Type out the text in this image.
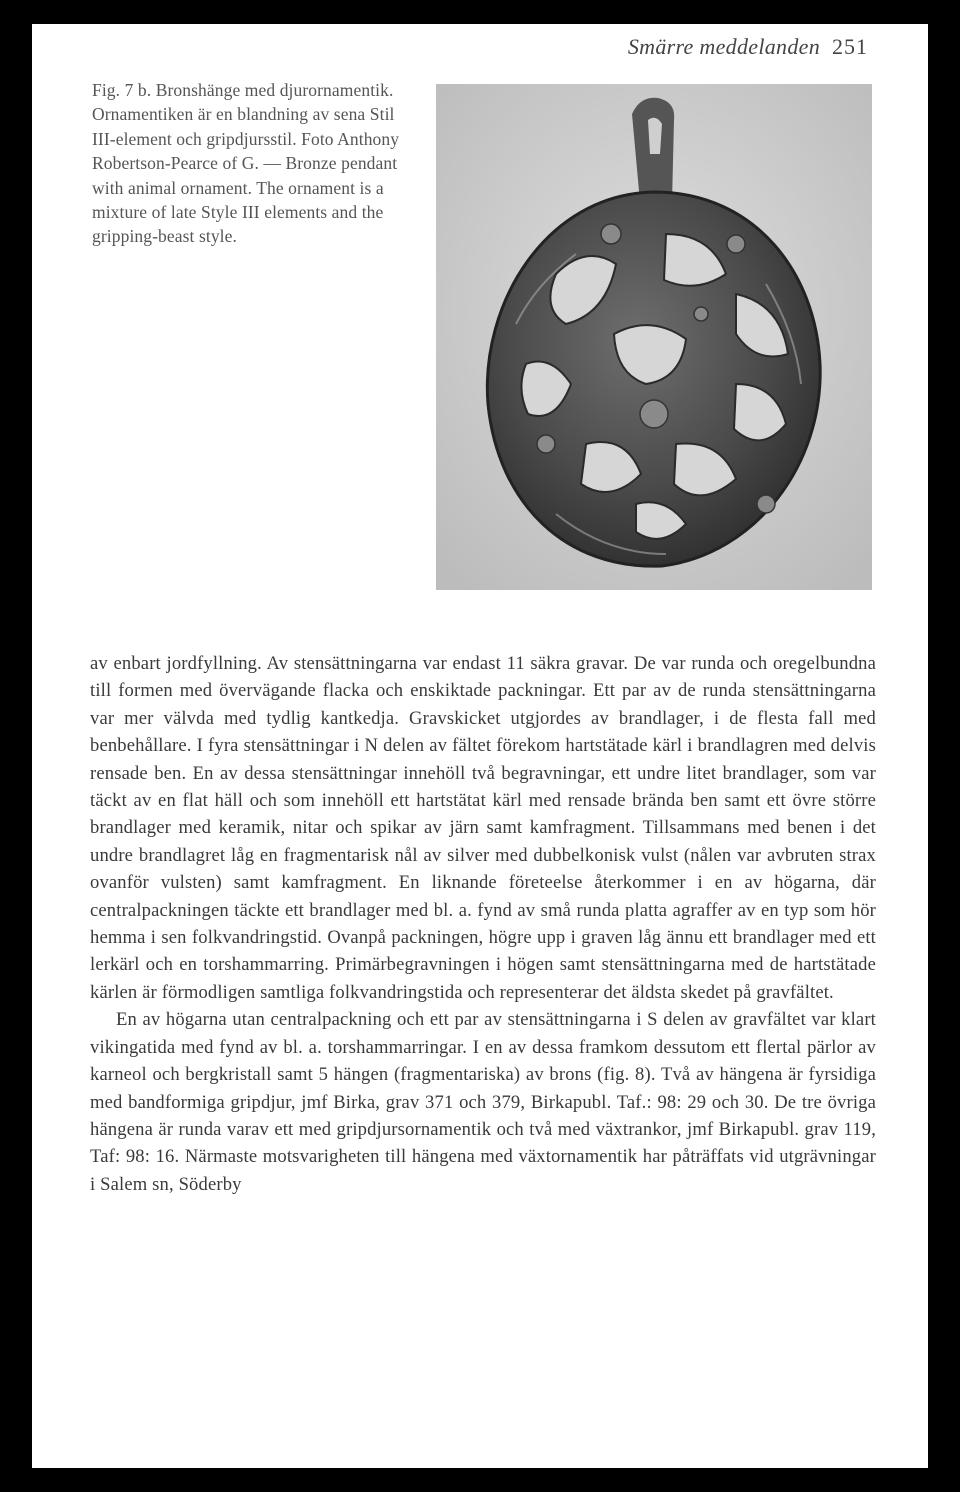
Smärre meddelanden 251
Fig. 7 b. Bronshänge med djurornamentik. Ornamentiken är en blandning av sena Stil III-element och gripdjursstil. Foto Anthony Robertson-Pearce of G. — Bronze pendant with animal ornament. The ornament is a mixture of late Style III elements and the gripping-beast style.

av enbart jordfyllning. Av stensättningarna var endast 11 säkra gravar. De var runda och oregelbundna till formen med övervägande flacka och enskiktade packningar. Ett par av de runda stensättningarna var mer välvda med tydlig kantkedja. Gravskicket utgjordes av brandlager, i de flesta fall med benbehållare. I fyra stensättningar i N delen av fältet förekom hartstätade kärl i brandlagren med delvis rensade ben. En av dessa stensättningar innehöll två begravningar, ett undre litet brandlager, som var täckt av en flat häll och som innehöll ett hartstätat kärl med rensade brända ben samt ett övre större brandlager med keramik, nitar och spikar av järn samt kamfragment. Tillsammans med benen i det undre brandlagret låg en fragmentarisk nål av silver med dubbelkonisk vulst (nålen var avbruten strax ovanför vulsten) samt kamfragment. En liknande företeelse återkommer i en av högarna, där centralpackningen täckte ett brandlager med bl. a. fynd av små runda platta agraffer av en typ som hör hemma i sen folkvandringstid. Ovanpå packningen, högre upp i graven låg ännu ett brandlager med ett lerkärl och en torshammarring. Primärbegravningen i högen samt stensättningarna med de hartstätade kärlen är förmodligen samtliga folkvandringstida och representerar det äldsta skedet på gravfältet.

En av högarna utan centralpackning och ett par av stensättningarna i S delen av gravfältet var klart vikingatida med fynd av bl. a. torshammarringar. I en av dessa framkom dessutom ett flertal pärlor av karneol och bergkristall samt 5 hängen (fragmentariska) av brons (fig. 8). Två av hängena är fyrsidiga med bandformiga gripdjur, jmf Birka, grav 371 och 379, Birkapubl. Taf.: 98: 29 och 30. De tre övriga hängena är runda varav ett med gripdjursornamentik och två med växtrankor, jmf Birkapubl. grav 119, Taf: 98: 16. Närmaste motsvarigheten till hängena med växtornamentik har påträffats vid utgrävningar i Salem sn, Söderby
